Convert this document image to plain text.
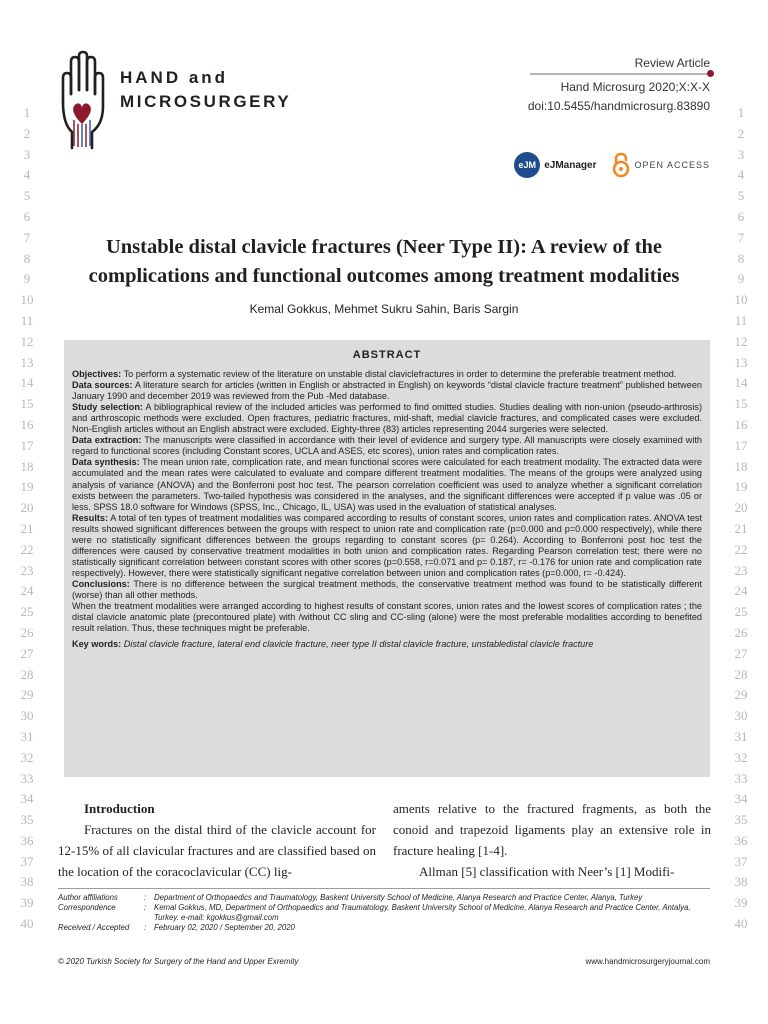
1
2
3
4
5
6
7
8
9
10
11
12
13
14
15
16
17
18
19
20
21
22
23
24
25
26
27
28
29
30
31
32
33
34
35
36
37
38
39
40
1
2
3
4
5
6
7
8
9
10
11
12
13
14
15
16
17
18
19
20
21
22
23
24
25
26
27
28
29
30
31
32
33
34
35
36
37
38
39
40
HAND and
MICROSURGERY
Review Article
Hand Microsurg 2020;X:X-X
doi:10.5455/handmicrosurg.83890
eJM eJManager	OPEN ACCESS
Unstable distal clavicle fractures (Neer Type II): A review of the complications and functional outcomes among treatment modalities
Kemal Gokkus, Mehmet Sukru Sahin, Baris Sargin
ABSTRACT

Objectives: To perform a systematic review of the literature on unstable distal claviclefractures in order to determine the preferable treatment method.

Data sources: A literature search for articles (written in English or abstracted in English) on keywords “distal clavicle fracture treatment” published between January 1990 and december 2019 was reviewed from the Pub -Med database.

Study selection: A bibliographical review of the included articles was performed to find omitted studies. Studies dealing with non-union (pseudo-arthrosis) and arthroscopic methods were excluded. Open fractures, pediatric fractures, mid-shaft, medial clavicle fractures, and complicated cases were excluded. Non-English articles without an English abstract were excluded. Eighty-three (83) articles representing 2044 surgeries were selected.

Data extraction: The manuscripts were classified in accordance with their level of evidence and surgery type. All manuscripts were closely examined with regard to functional scores (including Constant scores, UCLA and ASES, etc scores), union rates and complication rates.

Data synthesis: The mean union rate, complication rate, and mean functional scores were calculated for each treatment modality. The extracted data were accumulated and the mean rates were calculated to evaluate and compare different treatment modalities. The means of the groups were analyzed using analysis of variance (ANOVA) and the Bonferroni post hoc test. The pearson correlation coefficient was used to analyze whether a significant correlation exists between the parameters. Two-tailed hypothesis was considered in the analyses, and the significant differences were accepted if p value was .05 or less. SPSS 18.0 software for Windows (SPSS, Inc., Chicago, IL, USA) was used in the evaluation of statistical analyses.

Results: A total of ten types of treatment modalities was compared according to results of constant scores, union rates and complication rates. ANOVA test results showed significant differences between the groups with respect to union rate and complication rate (p=0.000 and p=0.000 respectively), while there were no statistically significant differences between the groups regarding to constant scores (p= 0.264). According to Bonferroni post hoc test the differences were caused by conservative treatment modalities in both union and complication rates. Regarding Pearson correlation test; there were no statistically significant correlation between constant scores with other scores (p=0.558, r=0.071 and p= 0.187, r= -0.176 for union rate and complication rate respectively). However, there were statistically significant negative correlation between union and complication rates (p=0.000, r= -0.424).

Conclusions: There is no difference between the surgical treatment methods, the conservative treatment method was found to be statistically different (worse) than all other methods.

When the treatment modalities were arranged according to highest results of constant scores, union rates and the lowest scores of complication rates ; the distal clavicle anatomic plate (precontoured plate) with /without CC sling and CC-sling (alone) were the most preferable modalities according to benefited result relation. Thus, these techniques might be preferable.

Key words: Distal clavicle fracture, lateral end clavicle fracture, neer type II distal clavicle fracture, unstabledistal clavicle fracture

Introduction

Fractures on the distal third of the clavicle account for 12-15% of all clavicular fractures and are classified based on the location of the coracoclavicular (CC) lig-

aments relative to the fractured fragments, as both the conoid and trapezoid ligaments play an extensive role in fracture healing [1-4].

Allman [5] classification with Neer’s [1] Modifi-

Author affiliations	:	Department of Orthopaedics and Traumatology, Baskent University School of Medicine, Alanya Research and Practice Center, Alanya, Turkey
Correspondence	:	Kemal Gokkus, MD, Department of Orthopaedics and Traumatology, Baskent University School of Medicine, Alanya Research and Practice Center, Antalya, Turkey. e-mail: kgokkus@gmail.com
Received / Accepted	:	February 02, 2020 / September 20, 2020
© 2020 Turkish Society for Surgery of the Hand and Upper Exremity	www.handmicrosurgeryjournal.com
